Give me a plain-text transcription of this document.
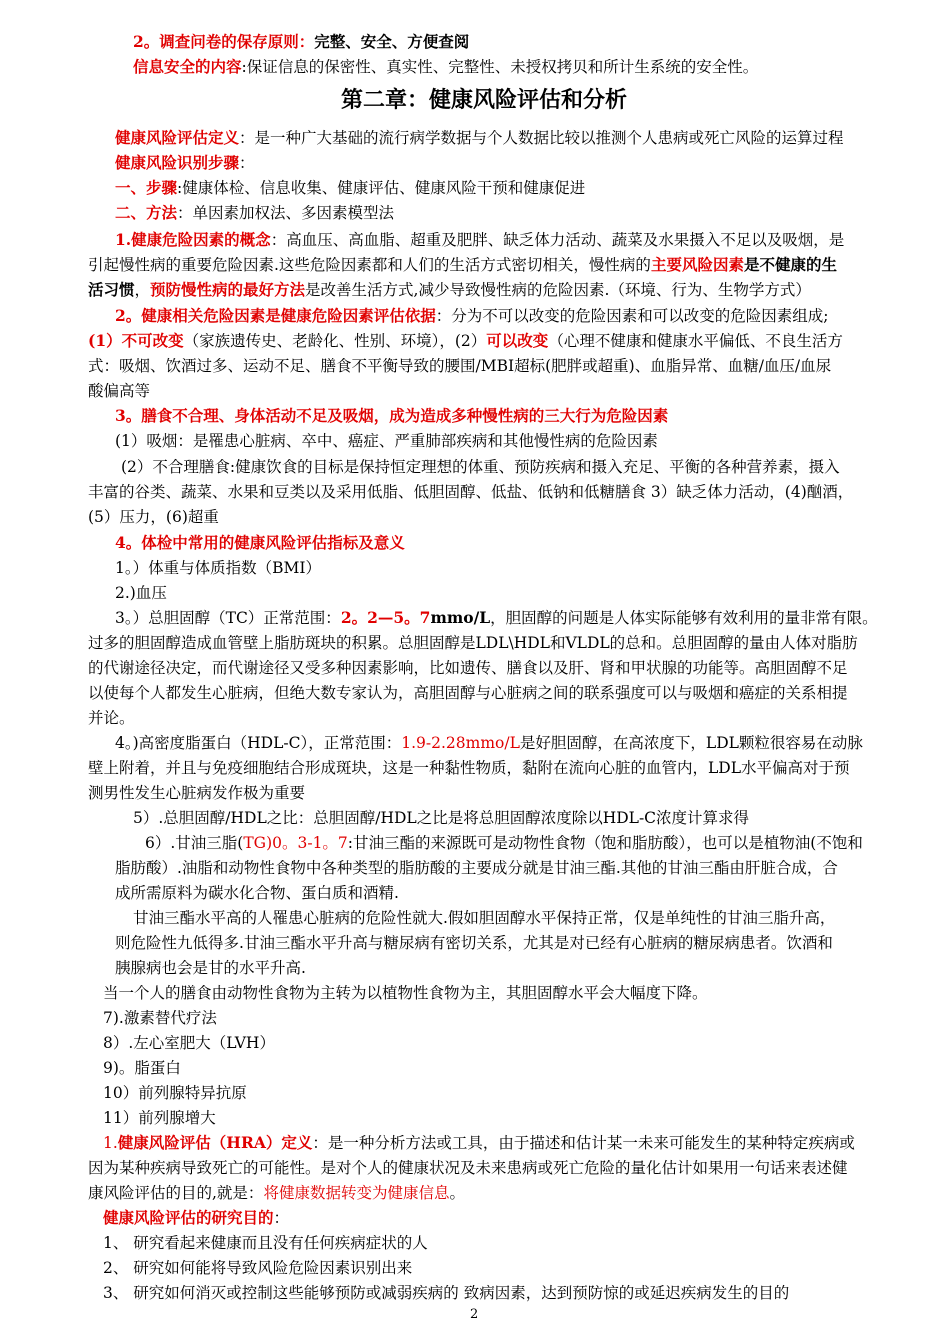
2。调查问卷的保存原则：完整、安全、方便查阅
信息安全的内容:保证信息的保密性、真实性、完整性、未授权拷贝和所计生系统的安全性。
第二章：健康风险评估和分析
健康风险评估定义：是一种广大基础的流行病学数据与个人数据比较以推测个人患病或死亡风险的运算过程
健康风险识别步骤：
一、步骤:健康体检、信息收集、健康评估、健康风险干预和健康促进
二、方法：单因素加权法、多因素模型法
1.健康危险因素的概念：高血压、高血脂、超重及肥胖、缺乏体力活动、蔬菜及水果摄入不足以及吸烟，是
引起慢性病的重要危险因素.这些危险因素都和人们的生活方式密切相关，慢性病的主要风险因素是不健康的生
活习惯，预防慢性病的最好方法是改善生活方式,减少导致慢性病的危险因素.（环境、行为、生物学方式）
2。健康相关危险因素是健康危险因素评估依据：分为不可以改变的危险因素和可以改变的危险因素组成;
(1）不可改变（家族遗传史、老龄化、性别、环境），(2）可以改变（心理不健康和健康水平偏低、不良生活方
式：吸烟、饮酒过多、运动不足、膳食不平衡导致的腰围/MBI超标(肥胖或超重)、血脂异常、血糖/血压/血尿
酸偏高等
3。膳食不合理、身体活动不足及吸烟，成为造成多种慢性病的三大行为危险因素
(1）吸烟：是罹患心脏病、卒中、癌症、严重肺部疾病和其他慢性病的危险因素
(2）不合理膳食:健康饮食的目标是保持恒定理想的体重、预防疾病和摄入充足、平衡的各种营养素，摄入
丰富的谷类、蔬菜、水果和豆类以及采用低脂、低胆固醇、低盐、低钠和低糖膳食 3）缺乏体力活动，(4)酗酒，
(5）压力，(6)超重
4。体检中常用的健康风险评估指标及意义
1。）体重与体质指数（BMI）
2.)血压
3。）总胆固醇（TC）正常范围：2。2—5。7mmo/L，胆固醇的问题是人体实际能够有效利用的量非常有限。
过多的胆固醇造成血管壁上脂肪斑块的积累。总胆固醇是LDL\HDL和VLDL的总和。总胆固醇的量由人体对脂肪
的代谢途径决定，而代谢途径又受多种因素影响，比如遗传、膳食以及肝、肾和甲状腺的功能等。高胆固醇不足
以使每个人都发生心脏病，但绝大数专家认为，高胆固醇与心脏病之间的联系强度可以与吸烟和癌症的关系相提
并论。
4。)高密度脂蛋白（HDL-C），正常范围：1.9-2.28mmo/L是好胆固醇，在高浓度下，LDL颗粒很容易在动脉
壁上附着，并且与免疫细胞结合形成斑块，这是一种黏性物质，黏附在流向心脏的血管内，LDL水平偏高对于预
测男性发生心脏病发作极为重要
5）.总胆固醇/HDL之比：总胆固醇/HDL之比是将总胆固醇浓度除以HDL-C浓度计算求得
6）.甘油三脂(TG)0。3-1。7:甘油三酯的来源既可是动物性食物（饱和脂肪酸），也可以是植物油(不饱和
脂肪酸）.油脂和动物性食物中各种类型的脂肪酸的主要成分就是甘油三酯.其他的甘油三酯由肝脏合成，合
成所需原料为碳水化合物、蛋白质和酒精.
甘油三酯水平高的人罹患心脏病的危险性就大.假如胆固醇水平保持正常，仅是单纯性的甘油三脂升高，
则危险性九低得多.甘油三酯水平升高与糖尿病有密切关系，尤其是对已经有心脏病的糖尿病患者。饮酒和
胰腺病也会是甘的水平升高.
当一个人的膳食由动物性食物为主转为以植物性食物为主，其胆固醇水平会大幅度下降。
7).激素替代疗法
8）.左心室肥大（LVH）
9)。脂蛋白
10）前列腺特异抗原
11）前列腺增大
1.健康风险评估（HRA）定义：是一种分析方法或工具，由于描述和估计某一未来可能发生的某种特定疾病或
因为某种疾病导致死亡的可能性。是对个人的健康状况及未来患病或死亡危险的量化估计如果用一句话来表述健
康风险评估的目的,就是：将健康数据转变为健康信息。
健康风险评估的研究目的：
1、 研究看起来健康而且没有任何疾病症状的人
2、 研究如何能将导致风险危险因素识别出来
3、 研究如何消灭或控制这些能够预防或减弱疾病的 致病因素，达到预防惊的或延迟疾病发生的目的
2
